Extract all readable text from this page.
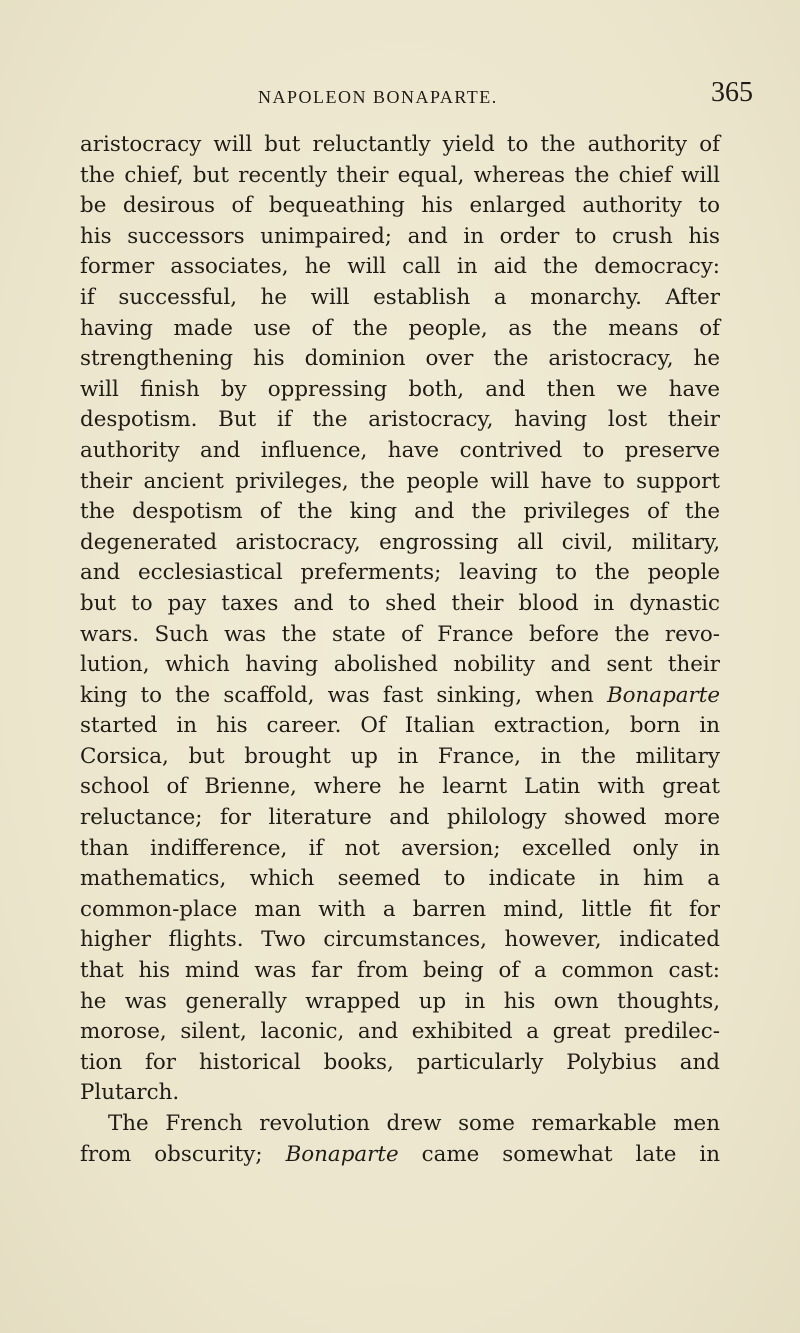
NAPOLEON BONAPARTE.	365
aristocracy will but reluctantly yield to the authority of
the chief, but recently their equal, whereas the chief will
be desirous of bequeathing his enlarged authority to
his successors unimpaired; and in order to crush his
former associates, he will call in aid the democracy:
if successful, he will establish a monarchy. After
having made use of the people, as the means of
strengthening his dominion over the aristocracy, he
will finish by oppressing both, and then we have
despotism. But if the aristocracy, having lost their
authority and influence, have contrived to preserve
their ancient privileges, the people will have to support
the despotism of the king and the privileges of the
degenerated aristocracy, engrossing all civil, military,
and ecclesiastical preferments; leaving to the people
but to pay taxes and to shed their blood in dynastic
wars. Such was the state of France before the revo-
lution, which having abolished nobility and sent their
king to the scaffold, was fast sinking, when Bonaparte
started in his career. Of Italian extraction, born in
Corsica, but brought up in France, in the military
school of Brienne, where he learnt Latin with great
reluctance; for literature and philology showed more
than indifference, if not aversion; excelled only in
mathematics, which seemed to indicate in him a
common-place man with a barren mind, little fit for
higher flights. Two circumstances, however, indicated
that his mind was far from being of a common cast:
he was generally wrapped up in his own thoughts,
morose, silent, laconic, and exhibited a great predilec-
tion for historical books, particularly Polybius and
Plutarch.
The French revolution drew some remarkable men
from obscurity; Bonaparte came somewhat late in
